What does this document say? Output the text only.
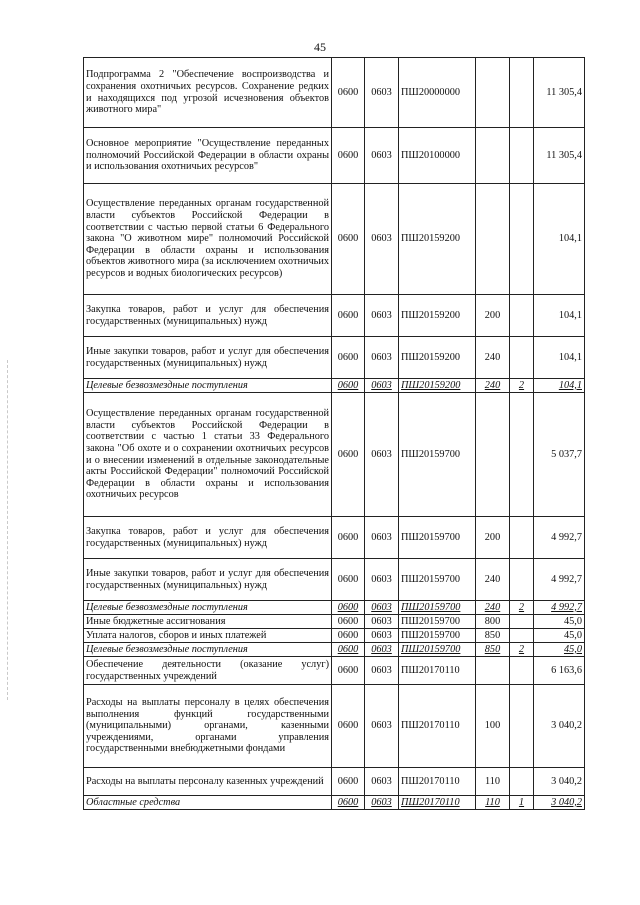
45
Подпрограмма 2 "Обеспечение воспроизводства и сохранения охотничьих ресурсов. Сохранение редких и находящихся под угрозой исчезновения объектов животного мира"	0600	0603	ПШ20000000			11 305,4
Основное мероприятие "Осуществление переданных полномочий Российской Федерации в области охраны и использования охотничьих ресурсов"	0600	0603	ПШ20100000			11 305,4
Осуществление переданных органам государственной власти субъектов Российской Федерации в соответствии с частью первой статьи 6 Федерального закона "О животном мире" полномочий Российской Федерации в области охраны и использования объектов животного мира (за исключением охотничьих ресурсов и водных биологических ресурсов)	0600	0603	ПШ20159200			104,1
Закупка товаров, работ и услуг для обеспечения государственных (муниципальных) нужд	0600	0603	ПШ20159200	200		104,1
Иные закупки товаров, работ и услуг для обеспечения государственных (муниципальных) нужд	0600	0603	ПШ20159200	240		104,1
Целевые безвозмездные поступления	0600	0603	ПШ20159200	240	2	104,1
Осуществление переданных органам государственной власти субъектов Российской Федерации в соответствии с частью 1 статьи 33 Федерального закона "Об охоте и о сохранении охотничьих ресурсов и о внесении изменений в отдельные законодательные акты Российской Федерации" полномочий Российской Федерации в области охраны и использования охотничьих ресурсов	0600	0603	ПШ20159700			5 037,7
Закупка товаров, работ и услуг для обеспечения государственных (муниципальных) нужд	0600	0603	ПШ20159700	200		4 992,7
Иные закупки товаров, работ и услуг для обеспечения государственных (муниципальных) нужд	0600	0603	ПШ20159700	240		4 992,7
Целевые безвозмездные поступления	0600	0603	ПШ20159700	240	2	4 992,7
Иные бюджетные ассигнования	0600	0603	ПШ20159700	800		45,0
Уплата налогов, сборов и иных платежей	0600	0603	ПШ20159700	850		45,0
Целевые безвозмездные поступления	0600	0603	ПШ20159700	850	2	45,0
Обеспечение деятельности (оказание услуг) государственных учреждений	0600	0603	ПШ20170110			6 163,6
Расходы на выплаты персоналу в целях обеспечения выполнения функций государственными (муниципальными) органами, казенными учреждениями, органами управления государственными внебюджетными фондами	0600	0603	ПШ20170110	100		3 040,2
Расходы на выплаты персоналу казенных учреждений	0600	0603	ПШ20170110	110		3 040,2
Областные средства	0600	0603	ПШ20170110	110	1	3 040,2
